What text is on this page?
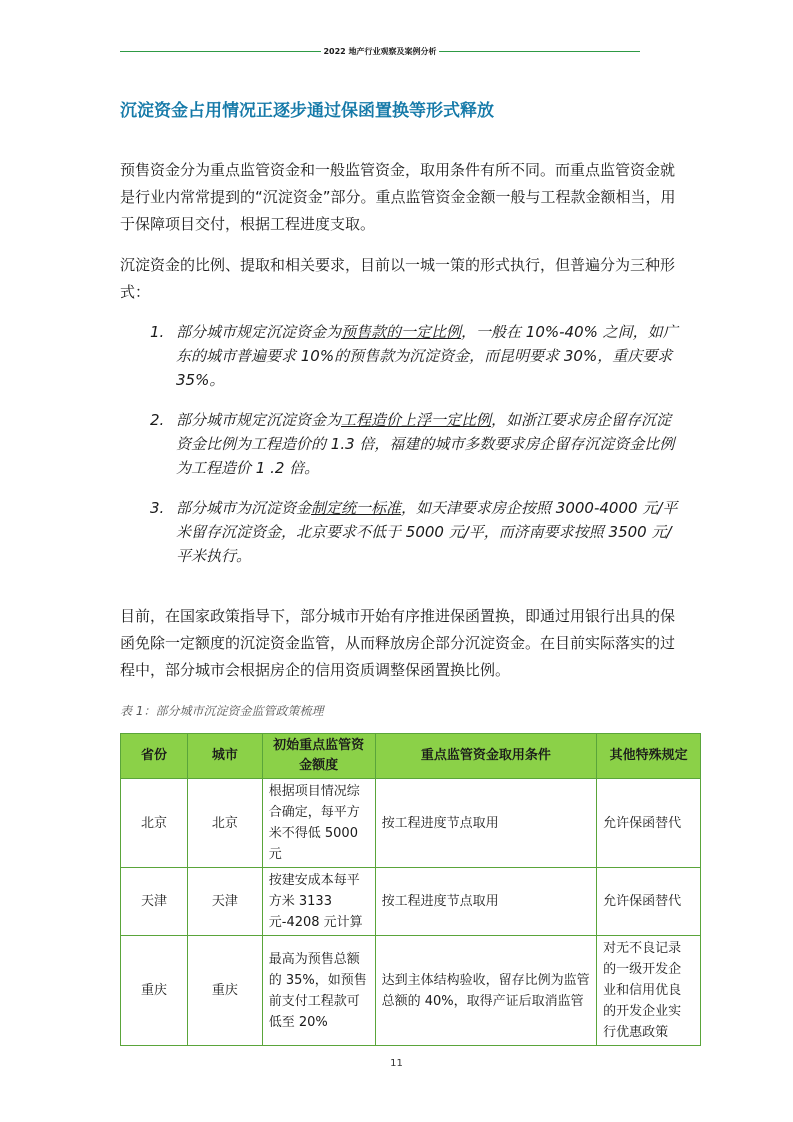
2022 地产行业观察及案例分析
沉淀资金占用情况正逐步通过保函置换等形式释放
预售资金分为重点监管资金和一般监管资金，取用条件有所不同。而重点监管资金就是行业内常常提到的“沉淀资金”部分。重点监管资金金额一般与工程款金额相当，用于保障项目交付，根据工程进度支取。
沉淀资金的比例、提取和相关要求，目前以一城一策的形式执行，但普遍分为三种形式：
1. 部分城市规定沉淀资金为预售款的一定比例，一般在 10%-40% 之间，如广东的城市普遍要求 10%的预售款为沉淀资金，而昆明要求 30%，重庆要求 35%。
2. 部分城市规定沉淀资金为工程造价上浮一定比例，如浙江要求房企留存沉淀资金比例为工程造价的 1.3 倍，福建的城市多数要求房企留存沉淀资金比例为工程造价 1 .2 倍。
3. 部分城市为沉淀资金制定统一标准，如天津要求房企按照 3000-4000 元/平米留存沉淀资金，北京要求不低于 5000 元/平，而济南要求按照 3500 元/平米执行。
目前，在国家政策指导下，部分城市开始有序推进保函置换，即通过用银行出具的保函免除一定额度的沉淀资金监管，从而释放房企部分沉淀资金。在目前实际落实的过程中，部分城市会根据房企的信用资质调整保函置换比例。
表 1：部分城市沉淀资金监管政策梳理
省份	城市	初始重点监管资金额度	重点监管资金取用条件	其他特殊规定
北京	北京	根据项目情况综合确定，每平方米不得低 5000 元	按工程进度节点取用	允许保函替代
天津	天津	按建安成本每平方米 3133 元-4208 元计算	按工程进度节点取用	允许保函替代
重庆	重庆	最高为预售总额的 35%，如预售前支付工程款可低至 20%	达到主体结构验收，留存比例为监管总额的 40%，取得产证后取消监管	对无不良记录的一级开发企业和信用优良的开发企业实行优惠政策
11
